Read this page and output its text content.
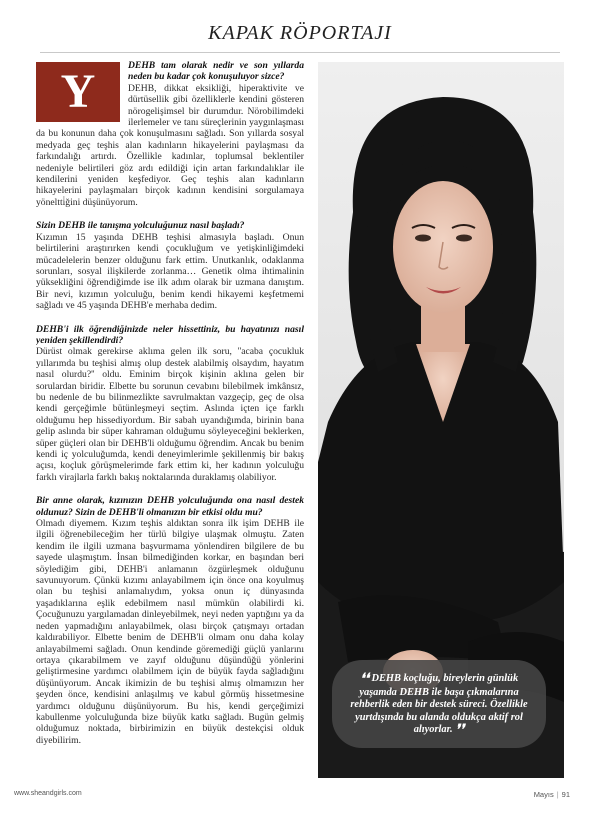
KAPAK RÖPORTAJI
Y	DEHB tam olarak nedir ve son yıllarda neden bu kadar çok konuşuluyor sizce?

DEHB, dikkat eksikliği, hiperaktivite ve dürtüsellik gibi özelliklerle kendini gösteren nörogelişimsel bir durumdur. Nörobilimdeki ilerlemeler ve tanı süreçlerinin yaygınlaşması da bu konunun daha çok konuşulmasını sağladı. Son yıllarda sosyal medyada geç teşhis alan kadınların hikayelerini paylaşması da farkındalığı artırdı. Özellikle kadınlar, toplumsal beklentiler nedeniyle belirtileri göz ardı edildiği için artan farkındalıklar ile kendilerini yeniden keşfediyor. Geç teşhis alan kadınların hikayelerini paylaşmaları birçok kadının kendisini sorgulamaya yöneltti̇ğini düşünüyorum.

Sizin DEHB ile tanışma yolculuğunuz nasıl başladı?

Kızımın 15 yaşında DEHB teşhisi almasıyla başladı. Onun belirtilerini araştırırken kendi çocukluğum ve yetişkinliğimdeki mücadelelerin benzer olduğunu fark ettim. Unutkanlık, odaklanma sorunları, sosyal ilişkilerde zorlanma… Genetik olma ihtimalinin yüksekliğini öğrendiğimde ise ilk adım olarak bir uzmana danıştım. Bir nevi, kızımın yolculuğu, benim kendi hikayemi keşfetmemi sağladı ve 45 yaşında DEHB'e merhaba dedim.

DEHB'i ilk öğrendiğinizde neler hissettiniz, bu hayatınızı nasıl yeniden şekillendirdi?

Dürüst olmak gerekirse aklıma gelen ilk soru, ''acaba çocukluk yıllarımda bu teşhisi almış olup destek alabilmiş olsaydım, hayatım nasıl olurdu?'' oldu. Eminim birçok kişinin aklına gelen bir sorulardan biridir. Elbette bu sorunun cevabını bilebilmek imkânsız, bu nedenle de bu bilinmezlikte savrulmaktan vazgeçip, geç de olsa kendi gerçeğimle bütünleşmeyi seçtim. Aslında içten içe farklı olduğumu hep hissediyordum. Bir sabah uyandığımda, birinin bana gelip aslında bir süper kahraman olduğumu söyleyeceğini beklerken, süper güçleri olan bir DEHB'li olduğumu öğrendim. Ancak bu benim kendi iç yolculuğumda, kendi deneyimlerimle şekillenmiş bir bakış açısı, koçluk görüşmelerimde fark ettim ki, her kadının yolculuğu farklı virajlarla farklı bakış noktalarında duraklamış olabiliyor.

Bir anne olarak, kızınızın DEHB yolculuğunda ona nasıl destek oldunuz? Sizin de DEHB'li olmanızın bir etkisi oldu mu?

Olmadı diyemem. Kızım teşhis aldıktan sonra ilk işim DEHB ile ilgili öğrenebileceğim her türlü bilgiye ulaşmak olmuştu. Zaten kendim ile ilgili uzmana başvurmama yönlendiren bilgilere de bu sayede ulaşmıştım. İnsan bilmediğinden korkar, en başından beri söylediğim gibi, DEHB'i anlamanın özgürleşmek olduğunu savunuyorum. Çünkü kızımı anlayabilmem için önce ona koyulmuş olan bu teşhisi anlamalıydım, yoksa onun iç dünyasında yaşadıklarına eşlik edebilmem nasıl mümkün olabilirdi ki. Çocuğunuzu yargılamadan dinleyebilmek, neyi neden yaptığını ya da neden yapmadığını anlayabilmek, olası birçok çatışmayı ortadan kaldırabiliyor. Elbette benim de DEHB'li olmam onu daha kolay anlayabilmemi sağladı. Onun kendinde göremediği güçlü yanlarını ortaya çıkarabilmem ve zayıf olduğunu düşündüğü yönlerini geliştirmesine yardımcı olabilmem için de büyük fayda sağladığını düşünüyorum. Ancak ikimizin de bu teşhisi almış olmamızın her şeyden önce, kendisini anlaşılmış ve kabul görmüş hissetmesine yardımcı olduğunu düşünüyorum. Bu his, kendi gerçeğimizi kabullenme yolculuğunda bize büyük katkı sağladı. Bugün gelmiş olduğumuz noktada, birbirimizin en büyük destekçisi olduk diyebilirim.

❛❛ DEHB koçluğu, bireylerin günlük yaşamda DEHB ile başa çıkmalarına rehberlik eden bir destek süreci. Özellikle yurtdışında bu alanda oldukça aktif rol alıyorlar. ❜❜
www.sheandgirls.com	Mayıs | 91
